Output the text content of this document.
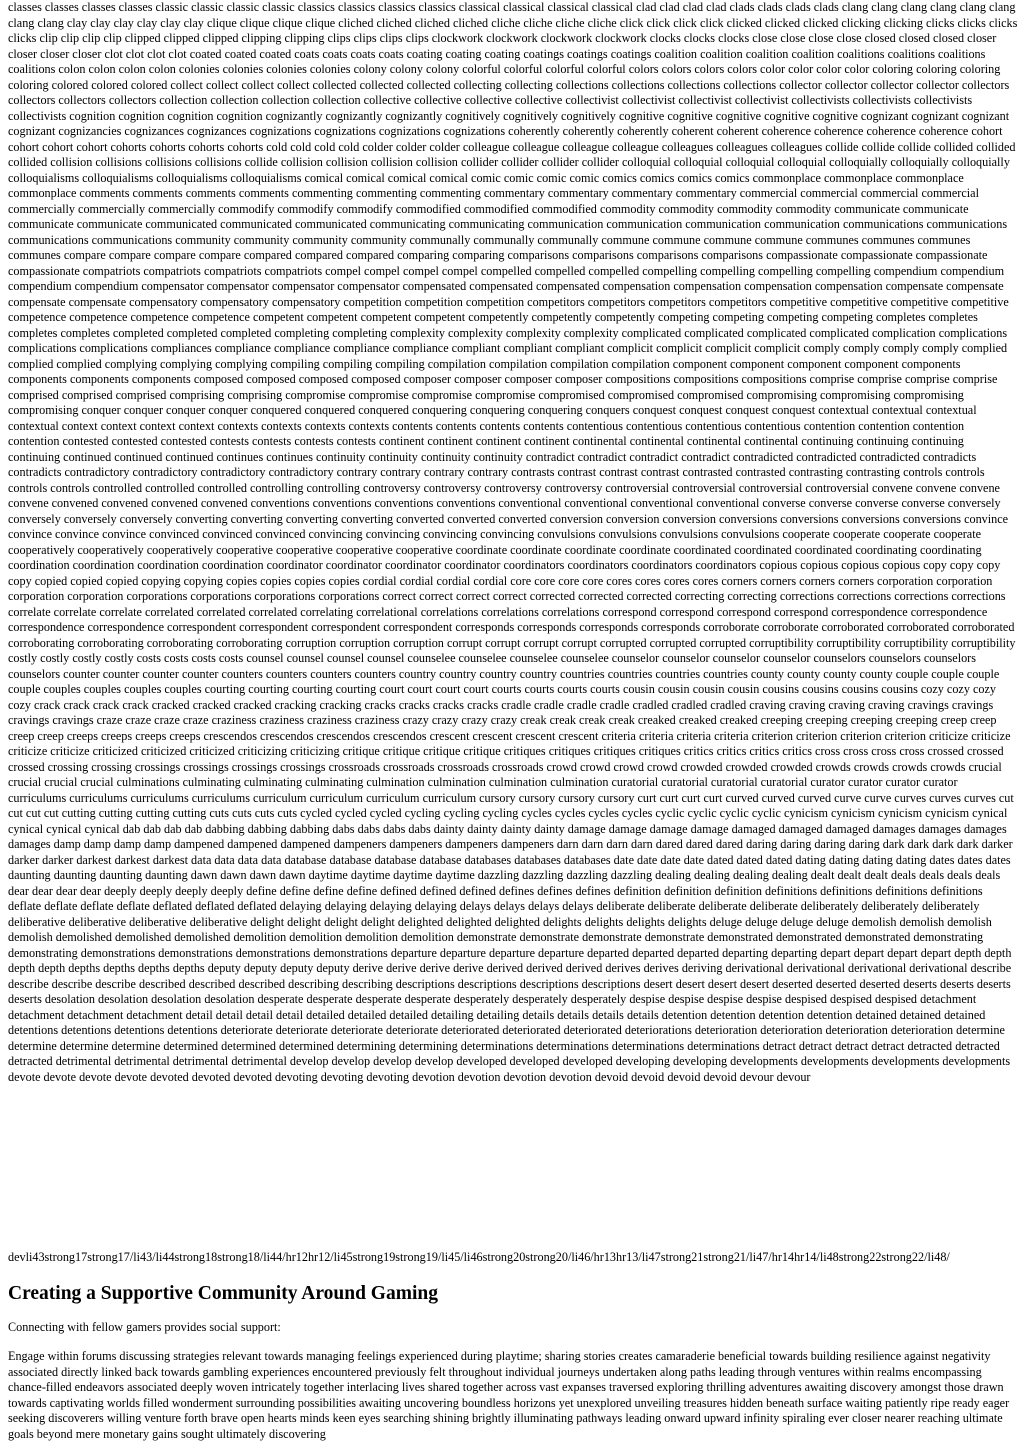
classes classes classes classes classic classic classic classic classics classics classics classics classical classical classical classical clad clad clad clad clads clads clads clads clang clang clang clang clang clang clang clang clay clay clay clay clay clay clique clique clique clique cliched cliched cliched cliched cliche cliche cliche cliche click click click click clicked clicked clicked clicking clicking clicks clicks clicks clicks clip clip clip clip clipped clipped clipped clipping clipping clips clips clips clips clockwork clockwork clockwork clockwork clocks clocks clocks close close close close closed closed closed closer closer closer closer clot clot clot clot coated coated coated coats coats coats coats coating coating coating coatings coatings coatings coalition coalition coalition coalition coalitions coalitions coalitions coalitions colon colon colon colon colonies colonies colonies colonies colony colony colony colorful colorful colorful colorful colors colors colors colors color color color color coloring coloring coloring coloring colored colored colored collect collect collect collect collected collected collected collecting collecting collections collections collections collections collector collector collector collector collectors collectors collectors collectors collection collection collection collection collective collective collective collective collectivist collectivist collectivist collectivist collectivists collectivists collectivists collectivists cognition cognition cognition cognition cognizantly cognizantly cognizantly cognitively cognitively cognitively cognitive cognitive cognitive cognitive cognitive cognizant cognizant cognizant cognizant cognizancies cognizances cognizances cognizations cognizations cognizations cognizations coherently coherently coherently coherent coherent coherence coherence coherence coherence cohort cohort cohort cohort cohorts cohorts cohorts cohorts cold cold cold cold colder colder colder colleague colleague colleague colleague colleagues colleagues colleagues collide collide collide collided collided collided collision collisions collisions collisions collide collision collision collision collision collider collider collider collider colloquial colloquial colloquial colloquial colloquially colloquially colloquially colloquialisms colloquialisms colloquialisms colloquialisms comical comical comical comical comic comic comic comic comics comics comics comics commonplace commonplace commonplace commonplace comments comments comments comments commenting commenting commenting commentary commentary commentary commentary commercial commercial commercial commercial commercially commercially commercially commodify commodify commodify commodified commodified commodified commodity commodity commodity commodity communicate communicate communicate communicate communicated communicated communicated communicating communicating communication communication communication communication communications communications communications communications community community community community communally communally communally commune commune commune commune communes communes communes communes compare compare compare compare compared compared compared comparing comparing comparisons comparisons comparisons comparisons compassionate compassionate compassionate compassionate compatriots compatriots compatriots compatriots compel compel compel compel compelled compelled compelled compelling compelling compelling compelling compendium compendium compendium compendium compensator compensator compensator compensator compensated compensated compensated compensation compensation compensation compensation compensate compensate compensate compensate compensatory compensatory compensatory competition competition competition competitors competitors competitors competitors competitive competitive competitive competitive competence competence competence competence competent competent competent competent competently competently competently competing competing competing competing completes completes completes completes completed completed completed completing completing complexity complexity complexity complexity complicated complicated complicated complicated complication complications complications complications compliances compliance compliance compliance compliance compliant compliant compliant complicit complicit complicit complicit comply comply comply comply complied complied complied complying complying complying compiling compiling compiling compilation compilation compilation compilation component component component component components components components components composed composed composed composed composer composer composer composer compositions compositions compositions comprise comprise comprise comprise comprised comprised comprised comprising comprising compromise compromise compromise compromise compromised compromised compromised compromising compromising compromising compromising conquer conquer conquer conquer conquered conquered conquered conquering conquering conquering conquers conquest conquest conquest conquest contextual contextual contextual contextual context context context context contexts contexts contexts contexts contents contents contents contents contentious contentious contentious contentious contention contention contention contention contested contested contested contests contests contests contests continent continent continent continent continental continental continental continental continuing continuing continuing continuing continued continued continued continues continues continuity continuity continuity continuity contradict contradict contradict contradict contradicted contradicted contradicted contradicts contradicts contradictory contradictory contradictory contradictory contrary contrary contrary contrary contrasts contrast contrast contrast contrasted contrasted contrasting contrasting controls controls controls controls controlled controlled controlled controlling controlling controversy controversy controversy controversy controversial controversial controversial controversial convene convene convene convene convened convened convened convened conventions conventions conventions conventions conventional conventional conventional conventional converse converse converse converse conversely conversely conversely conversely converting converting converting converting converted converted converted conversion conversion conversion conversions conversions conversions conversions convince convince convince convince convinced convinced convinced convincing convincing convincing convincing convulsions convulsions convulsions convulsions cooperate cooperate cooperate cooperate cooperatively cooperatively cooperatively cooperative cooperative cooperative cooperative coordinate coordinate coordinate coordinate coordinated coordinated coordinated coordinating coordinating coordination coordination coordination coordination coordinator coordinator coordinator coordinator coordinators coordinators coordinators coordinators copious copious copious copious copy copy copy copy copied copied copied copying copying copies copies copies copies cordial cordial cordial cordial core core core core cores cores cores cores corners corners corners corners corporation corporation corporation corporation corporations corporations corporations corporations correct correct correct correct corrected corrected corrected correcting correcting corrections corrections corrections corrections correlate correlate correlate correlated correlated correlated correlating correlational correlations correlations correlations correspond correspond correspond correspond correspondence correspondence correspondence correspondence correspondent correspondent correspondent correspondent corresponds corresponds corresponds corresponds corroborate corroborate corroborated corroborated corroborated corroborating corroborating corroborating corroborating corruption corruption corruption corrupt corrupt corrupt corrupt corrupted corrupted corrupted corruptibility corruptibility corruptibility corruptibility costly costly costly costly costs costs costs costs counsel counsel counsel counsel counselee counselee counselee counselee counselor counselor counselor counselor counselors counselors counselors counselors counter counter counter counter counters counters counters counters country country country country countries countries countries countries county county county county couple couple couple couple couples couples couples couples courting courting courting courting court court court court courts courts courts courts cousin cousin cousin cousin cousins cousins cousins cousins cozy cozy cozy cozy crack crack crack crack cracked cracked cracked cracking cracking cracks cracks cracks cracks cradle cradle cradle cradle cradled cradled cradled craving craving craving craving cravings cravings cravings cravings craze craze craze craze craziness craziness craziness craziness crazy crazy crazy crazy creak creak creak creak creaked creaked creaked creeping creeping creeping creeping creep creep creep creep creeps creeps creeps creeps crescendos crescendos crescendos crescendos crescent crescent crescent crescent criteria criteria criteria criteria criterion criterion criterion criterion criticize criticize criticize criticize criticized criticized criticized criticizing criticizing critique critique critique critique critiques critiques critiques critiques critics critics critics critics cross cross cross cross crossed crossed crossed crossing crossing crossings crossings crossings crossings crossroads crossroads crossroads crossroads crowd crowd crowd crowd crowded crowded crowded crowds crowds crowds crowds crucial crucial crucial crucial culminations culminating culminating culminating culmination culmination culmination culmination curatorial curatorial curatorial curatorial curator curator curator curator curriculums curriculums curriculums curriculums curriculum curriculum curriculum curriculum cursory cursory cursory cursory curt curt curt curt curved curved curved curve curve curves curves curves cut cut cut cut cutting cutting cutting cutting cuts cuts cuts cuts cycled cycled cycled cycling cycling cycling cycles cycles cycles cycles cyclic cyclic cyclic cyclic cynicism cynicism cynicism cynicism cynical cynical cynical cynical dab dab dab dab dabbing dabbing dabbing dabs dabs dabs dabs dainty dainty dainty dainty damage damage damage damage damaged damaged damaged damages damages damages damages damp damp damp damp dampened dampened dampened dampeners dampeners dampeners dampeners darn darn darn darn dared dared dared daring daring daring daring dark dark dark dark darker darker darker darkest darkest darkest data data data data database database database database databases databases databases date date date date dated dated dated dating dating dating dating dates dates dates daunting daunting daunting daunting dawn dawn dawn dawn daytime daytime daytime daytime dazzling dazzling dazzling dazzling dealing dealing dealing dealing dealt dealt dealt deals deals deals deals dear dear dear dear deeply deeply deeply deeply define define define define defined defined defined defines defines defines definition definition definition definitions definitions definitions definitions deflate deflate deflate deflate deflated deflated deflated delaying delaying delaying delaying delays delays delays delays deliberate deliberate deliberate deliberate deliberately deliberately deliberately deliberative deliberative deliberative deliberative delight delight delight delight delighted delighted delighted delights delights delights delights deluge deluge deluge deluge demolish demolish demolish demolish demolished demolished demolished demolition demolition demolition demolition demonstrate demonstrate demonstrate demonstrate demonstrated demonstrated demonstrated demonstrating demonstrating demonstrations demonstrations demonstrations demonstrations departure departure departure departure departed departed departed departing departing depart depart depart depart depth depth depth depth depths depths depths depths deputy deputy deputy deputy derive derive derive derive derived derived derived derives derives deriving derivational derivational derivational derivational describe describe describe describe described described described describing describing descriptions descriptions descriptions descriptions desert desert desert desert deserted deserted deserted deserts deserts deserts deserts desolation desolation desolation desolation desperate desperate desperate desperate desperately desperately desperately despise despise despise despise despised despised despised detachment detachment detachment detachment detail detail detail detail detailed detailed detailed detailing detailing details details details details detention detention detention detention detained detained detained detentions detentions detentions detentions deteriorate deteriorate deteriorate deteriorate deteriorated deteriorated deteriorated deteriorations deterioration deterioration deterioration deterioration determine determine determine determine determined determined determined determining determining determinations determinations determinations determinations detract detract detract detract detracted detracted detracted detrimental detrimental detrimental detrimental develop develop develop develop developed developed developed developing developing developments developments developments developments devote devote devote devote devoted devoted devoted devoting devoting devoting devotion devotion devotion devotion devoid devoid devoid devoid devour devour

devli43strong17strong17/li43/li44strong18strong18/li44/hr12hr12/li45strong19strong19/li45/li46strong20strong20/li46/hr13hr13/li47strong21strong21/li47/hr14hr14/li48strong22strong22/li48/
Creating a Supportive Community Around Gaming

Connecting with fellow gamers provides social support:

Engage within forums discussing strategies relevant towards managing feelings experienced during playtime; sharing stories creates camaraderie beneficial towards building resilience against negativity associated directly linked back towards gambling experiences encountered previously felt throughout individual journeys undertaken along paths leading through ventures within realms encompassing chance-filled endeavors associated deeply woven intricately together interlacing lives shared together across vast expanses traversed exploring thrilling adventures awaiting discovery amongst those drawn towards captivating worlds filled wonderment surrounding possibilities awaiting uncovering boundless horizons yet unexplored unveiling treasures hidden beneath surface waiting patiently ripe ready eager seeking discoverers willing venture forth brave open hearts minds keen eyes searching shining brightly illuminating pathways leading onward upward infinity spiraling ever closer nearer reaching ultimate goals beyond mere monetary gains sought ultimately discovering
